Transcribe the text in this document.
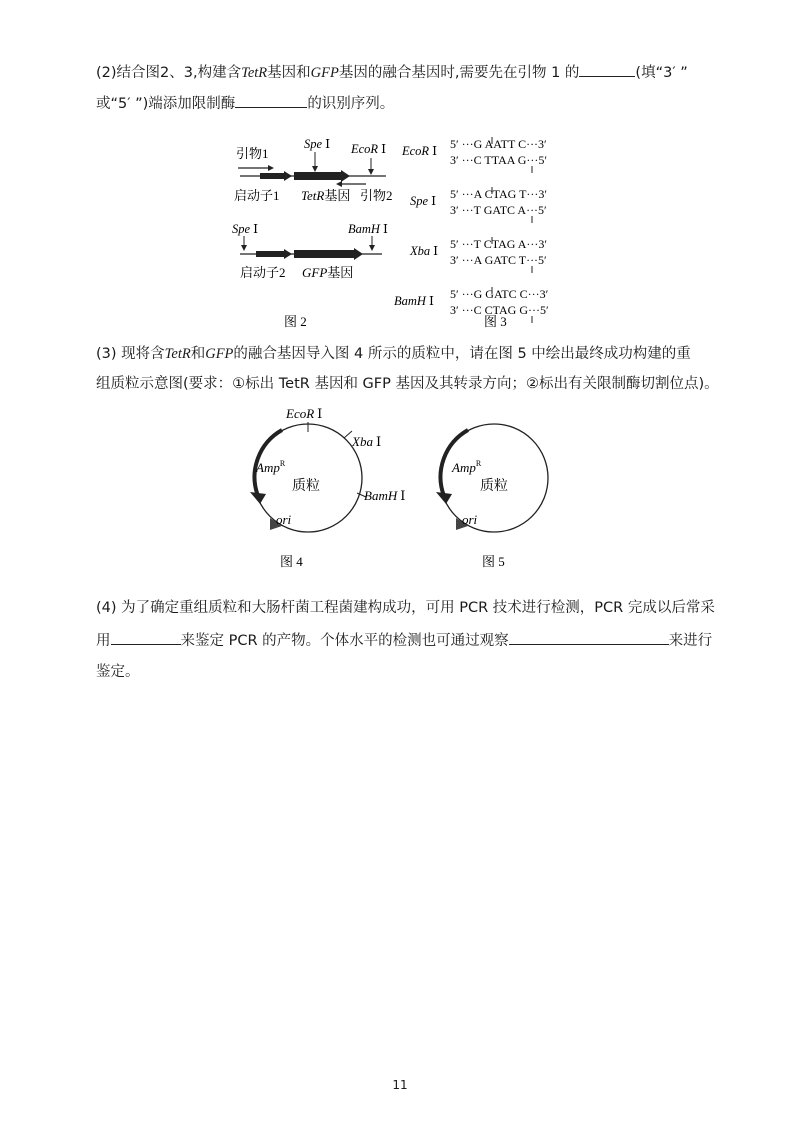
(2)结合图2、3,构建含TetR基因和GFP基因的融合基因时,需要先在引物 1 的	(填“3′ ”
或“5′ ”)端添加限制酶	的识别序列。
引物1
Spe Ⅰ EcoR Ⅰ
启动子1 TetR基因 引物2
Spe Ⅰ	BamH Ⅰ
启动子2 GFP基因
图 2
EcoR Ⅰ 5′ ···G AATT C···3′
3′ ···C TTAA G···5′
Spe Ⅰ 5′ ···A CTAG T···3′
3′ ···T GATC A···5′
Xba Ⅰ 5′ ···T CTAG A···3′
3′ ···A GATC T···5′
BamH Ⅰ 5′ ···G GATC C···3′
3′ ···C CTAG G···5′
图 3
(3) 现将含TetR和GFP的融合基因导入图 4 所示的质粒中，请在图 5 中绘出最终成功构建的重
组质粒示意图(要求：①标出 TetR 基因和 GFP 基因及其转录方向；②标出有关限制酶切割位点)。
EcoR Ⅰ
Xba Ⅰ
BamH Ⅰ
Amp$^R$
质粒
ori
图 4
Amp$^R$
质粒
ori
图 5
(4) 为了确定重组质粒和大肠杆菌工程菌建构成功，可用 PCR 技术进行检测，PCR 完成以后常采
用	来鉴定 PCR 的产物。个体水平的检测也可通过观察	来进行
鉴定。
11
